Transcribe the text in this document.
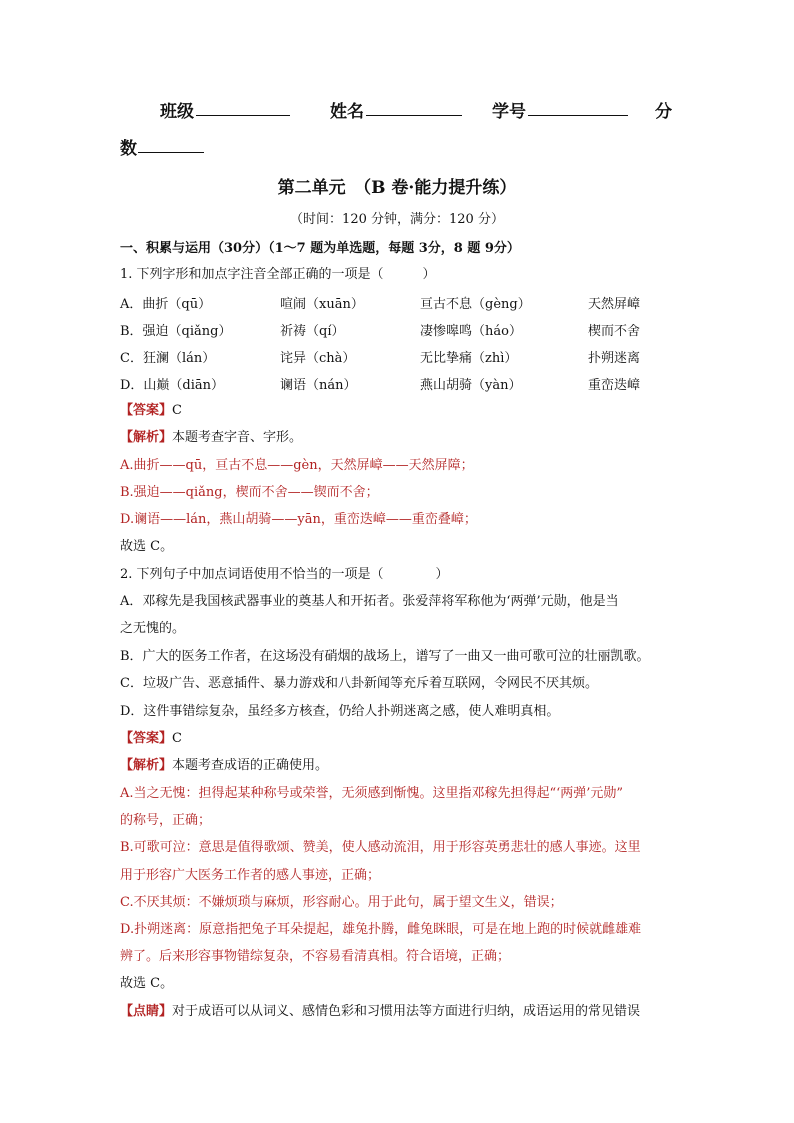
班级	姓名	学号	分
数
第二单元　（B 卷·能力提升练）
（时间：120 分钟，满分：120 分）
一、积累与运用（30分）（1～7 题为单选题，每题 3分，8 题 9分）
1. 下列字形和加点字注音全部正确的一项是（　　　）
A．曲折（qū）	喧闹（xuān）	亘古不息（gèng）	天然屏嶂
B．强迫（qiǎng）	祈祷（qí）	凄惨嗥鸣（háo）	楔而不舍
C．狂澜（lán）	诧异（chà）	无比挚痛（zhì）	扑朔迷离
D．山巅（diān）	谰语（nán）	燕山胡骑（yàn）	重峦迭嶂
【答案】C
【解析】本题考查字音、字形。
A.曲折——qū，亘古不息——gèn，天然屏嶂——天然屏障；
B.强迫——qiǎng，楔而不舍——锲而不舍；
D.谰语——lán，燕山胡骑——yān，重峦迭嶂——重峦叠嶂；
故选 C。
2. 下列句子中加点词语使用不恰当的一项是（　　　　）
A．邓稼先是我国核武器事业的奠基人和开拓者。张爱萍将军称他为‘两弹’元勋，他是当
之无愧的。
B．广大的医务工作者，在这场没有硝烟的战场上，谱写了一曲又一曲可歌可泣的壮丽凯歌。
C．垃圾广告、恶意插件、暴力游戏和八卦新闻等充斥着互联网，令网民不厌其烦。
D．这件事错综复杂，虽经多方核查，仍给人扑朔迷离之感，使人难明真相。
【答案】C
【解析】本题考查成语的正确使用。
A.当之无愧：担得起某种称号或荣誉，无须感到惭愧。这里指邓稼先担得起“‘两弹’元勋”
的称号，正确；
B.可歌可泣：意思是值得歌颂、赞美，使人感动流泪，用于形容英勇悲壮的感人事迹。这里
用于形容广大医务工作者的感人事迹，正确；
C.不厌其烦：不嫌烦琐与麻烦，形容耐心。用于此句，属于望文生义，错误；
D.扑朔迷离：原意指把兔子耳朵提起，雄兔扑腾，雌兔眯眼，可是在地上跑的时候就雌雄难
辨了。后来形容事物错综复杂，不容易看清真相。符合语境，正确；
故选 C。
【点睛】对于成语可以从词义、感情色彩和习惯用法等方面进行归纳，成语运用的常见错误
